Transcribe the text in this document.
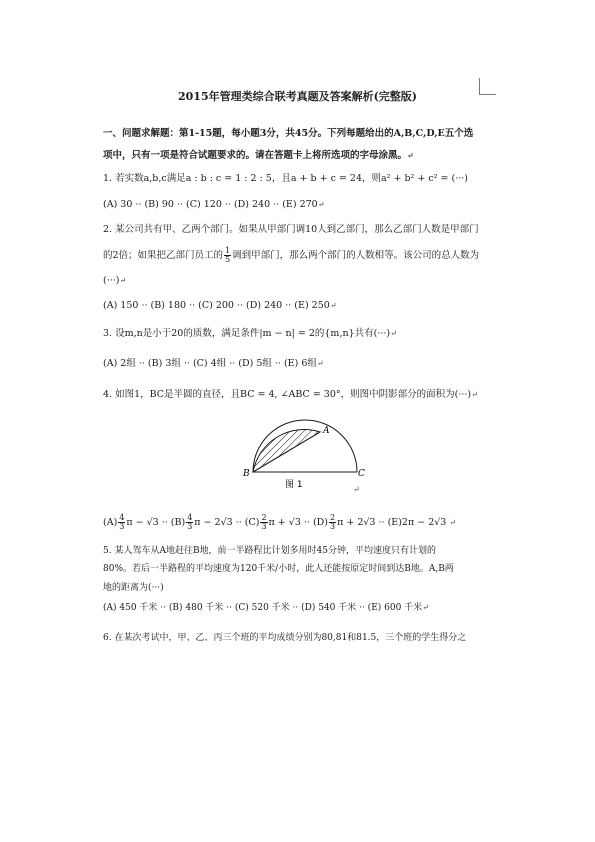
2015年管理类综合联考真题及答案解析(完整版)
一、问题求解题：第1-15题，每小题3分，共45分。下列每题给出的A,B,C,D,E五个选
项中，只有一项是符合试题要求的。请在答题卡上将所选项的字母涂黑。↵
1. 若实数a,b,c满足a : b : c = 1 : 2 : 5，且a + b + c = 24，则a² + b² + c² = (···)
(A) 30 ·· (B) 90 ·· (C) 120 ·· (D) 240 ·· (E) 270↵
2. 某公司共有甲、乙两个部门。如果从甲部门调10人到乙部门，那么乙部门人数是甲部门
的2倍；如果把乙部门员工的 $\frac{1}{5}$ 调到甲部门，那么两个部门的人数相等。该公司的总人数为
(···)↵
(A) 150 ·· (B) 180 ·· (C) 200 ·· (D) 240 ·· (E) 250↵
3. 设m,n是小于20的质数，满足条件|m − n| = 2的{m,n}共有(···)↵
(A) 2组 ·· (B) 3组 ·· (C) 4组 ·· (D) 5组 ·· (E) 6组↵
4. 如图1，BC是半圆的直径，且BC = 4, ∠ABC = 30°，则图中阴影部分的面积为(···)↵
A
B	C
图 1	↵
$(A) \frac{4}{3}$ $\pi - √3 \cdot\cdot (B) \frac{4}{3}$ $\pi - 2√3 \cdot\cdot (C) \frac{2}{3}$ $\pi + √3 \cdot\cdot (D) \frac{2}{3}$ π + 2√3 ·· (E)2π − 2√3 ↵
5. 某人驾车从A地赶往B地，前一半路程比计划多用时45分钟，平均速度只有计划的
80%。若后一半路程的平均速度为120千米/小时，此人还能按原定时间到达B地。A,B两
地的距离为(···)
(A) 450 千米 ·· (B) 480 千米 ·· (C) 520 千米 ·· (D) 540 千米 ·· (E) 600 千米↵
6. 在某次考试中，甲、乙、丙三个班的平均成绩分别为80,81和81.5，三个班的学生得分之
